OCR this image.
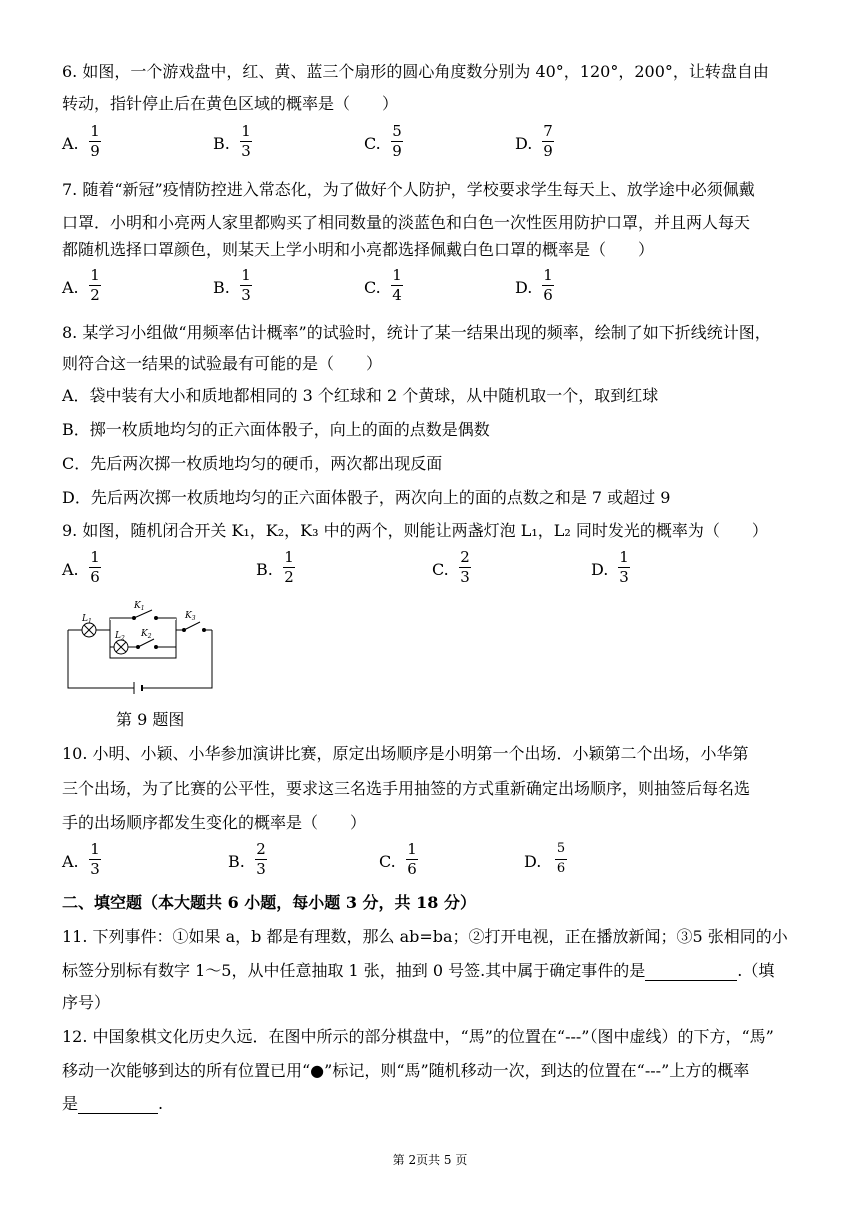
6. 如图，一个游戏盘中，红、黄、蓝三个扇形的圆心角度数分别为 40°，120°，200°，让转盘自由
转动，指针停止后在黄色区域的概率是（　　）
A.
1
9	B.
1
3	C.
5
9	D.
7
9
7. 随着“新冠”疫情防控进入常态化，为了做好个人防护，学校要求学生每天上、放学途中必须佩戴
口罩．小明和小亮两人家里都购买了相同数量的淡蓝色和白色一次性医用防护口罩，并且两人每天
都随机选择口罩颜色，则某天上学小明和小亮都选择佩戴白色口罩的概率是（　　）
A.
1
2	B.
1
3	C.
1
4	D.
1
6
8. 某学习小组做“用频率估计概率”的试验时，统计了某一结果出现的频率，绘制了如下折线统计图，
则符合这一结果的试验最有可能的是（　　）
A．袋中装有大小和质地都相同的 3 个红球和 2 个黄球，从中随机取一个，取到红球
B．掷一枚质地均匀的正六面体骰子，向上的面的点数是偶数
C．先后两次掷一枚质地均匀的硬币，两次都出现反面
D．先后两次掷一枚质地均匀的正六面体骰子，两次向上的面的点数之和是 7 或超过 9
9. 如图，随机闭合开关 K₁，K₂，K₃ 中的两个，则能让两盏灯泡 L₁，L₂ 同时发光的概率为（　　）
A.
1
6	B.
1
2	C.
2
3	D.
1
3
$L_1$
$L_2$
$K_1$
$K_2$
$K_3$
第 9 题图
10. 小明、小颖、小华参加演讲比赛，原定出场顺序是小明第一个出场．小颖第二个出场，小华第
三个出场，为了比赛的公平性，要求这三名选手用抽签的方式重新确定出场顺序，则抽签后每名选
手的出场顺序都发生变化的概率是（　　）
A.
1
3	B.
2
3	C.
1
6	D.
5
6
二、填空题（本大题共 6 小题，每小题 3 分，共 18 分）
11. 下列事件：①如果 a，b 都是有理数，那么 ab=ba；②打开电视，正在播放新闻；③5 张相同的小
标签分别标有数字 1～5，从中任意抽取 1 张，抽到 0 号签.其中属于确定事件的是	.（填
序号）
12. 中国象棋文化历史久远．在图中所示的部分棋盘中，“馬”的位置在“---”（图中虚线）的下方，“馬”
移动一次能够到达的所有位置已用“●”标记，则“馬”随机移动一次，到达的位置在“---”上方的概率
是	.
第 2页共 5 页
